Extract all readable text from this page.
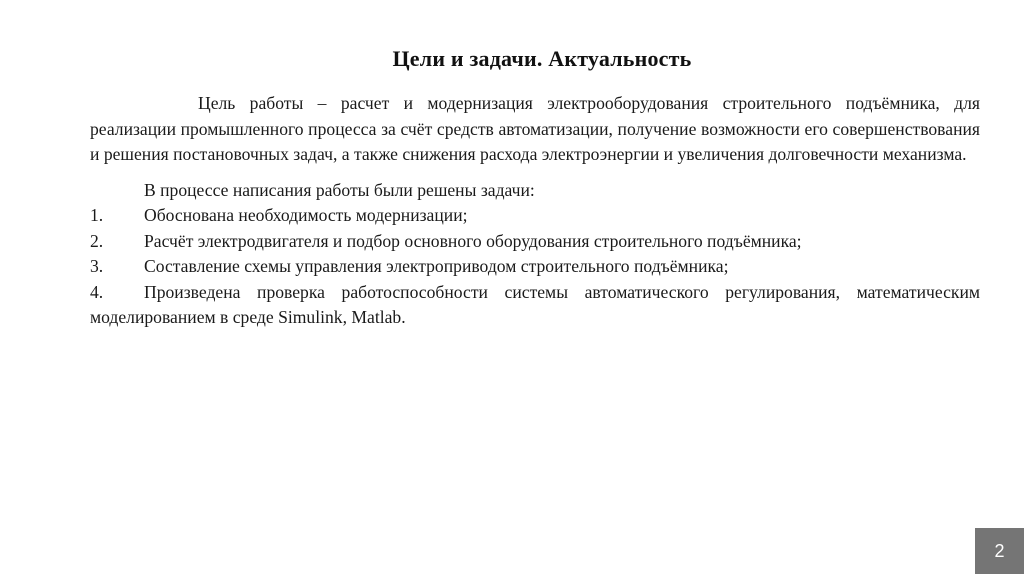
Цели и задачи. Актуальность

Цель работы – расчет и модернизация электрооборудования строительного подъёмника, для реализации промышленного процесса за счёт средств автоматизации, получение возможности его совершенствования и решения постановочных задач, а также снижения расхода электроэнергии и увеличения долговечности механизма.

В процессе написания работы были решены задачи:

1. Обоснована необходимость модернизации;
2. Расчёт электродвигателя и подбор основного оборудования строительного подъёмника;
3. Составление схемы управления электроприводом строительного подъёмника;
4. Произведена проверка работоспособности системы автоматического регулирования, математическим моделированием в среде Simulink, Matlab.
2
